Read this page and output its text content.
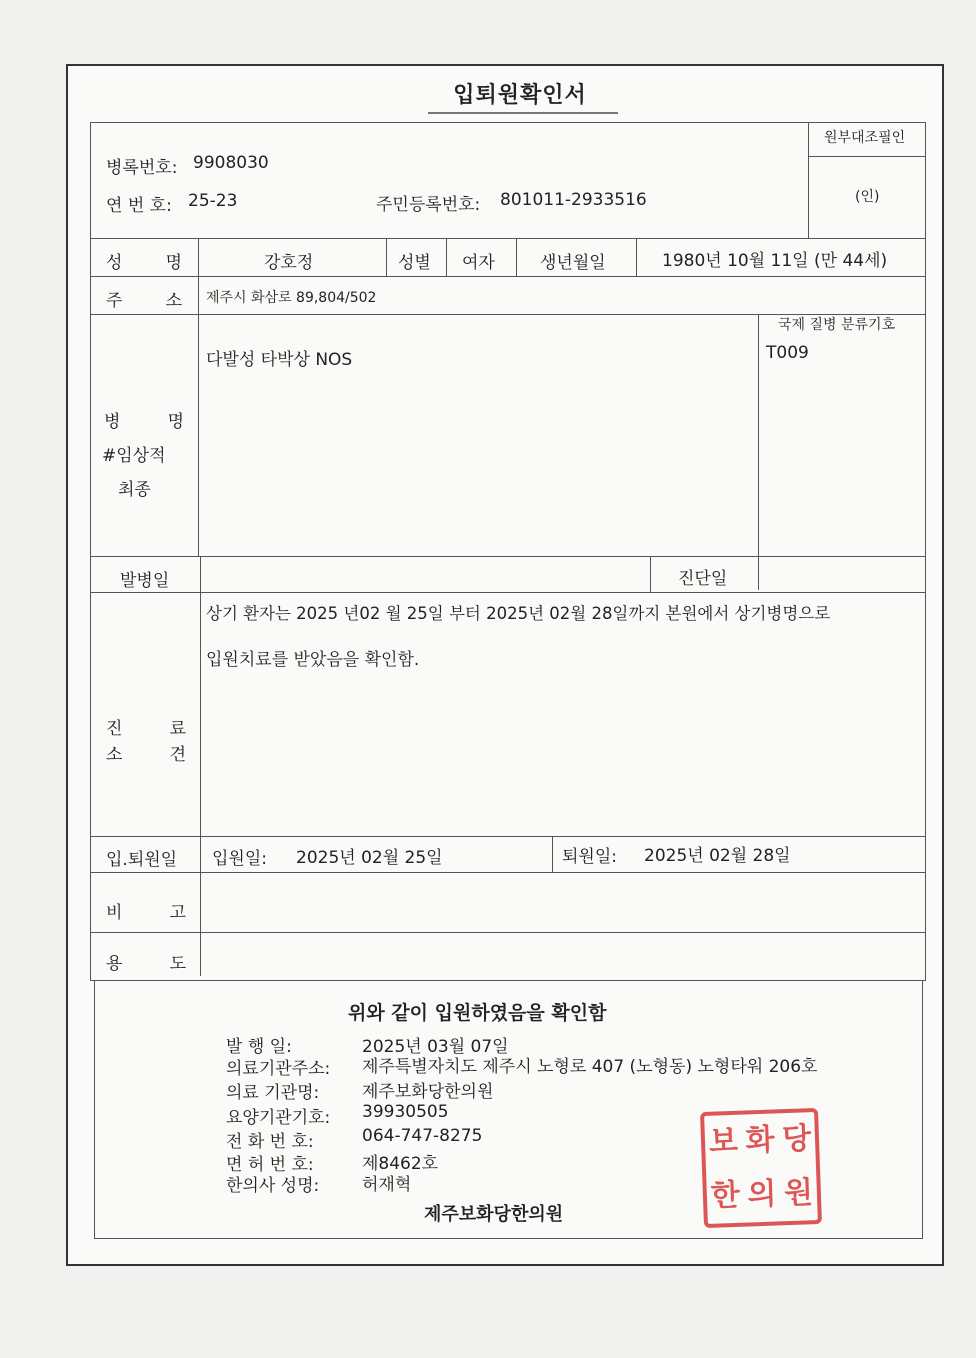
입퇴원확인서
병록번호: 9908030
연 번 호: 25-23	주민등록번호: 801011-2933516
원부대조필인
(인)
성 명	강호정	성별 여자	생년월일	1980년 10월 11일 (만 44세)
주 소 제주시 화삼로 89,804/502
병 명
#임상적
최종
다발성 타박상 NOS
국제 질병 분류기호
T009
발병일	진단일
진 료
소 견
상기 환자는 2025 년02 월 25일 부터 2025년 02월 28일까지 본원에서 상기병명으로
입원치료를 받았음을 확인함.
입.퇴원일 입원일: 2025년 02월 25일	퇴원일: 2025년 02월 28일
비 고
용 도
위와 같이 입원하였음을 확인함
발 행 일:	2025년 03월 07일
의료기관주소: 제주특별자치도 제주시 노형로 407 (노형동) 노형타워 206호
의료 기관명:	제주보화당한의원
요양기관기호: 39930505
전 화 번 호:	064-747-8275
면 허 번 호:	제8462호
한의사 성명:	허재혁
제주보화당한의원
보 화 당
한 의 원
